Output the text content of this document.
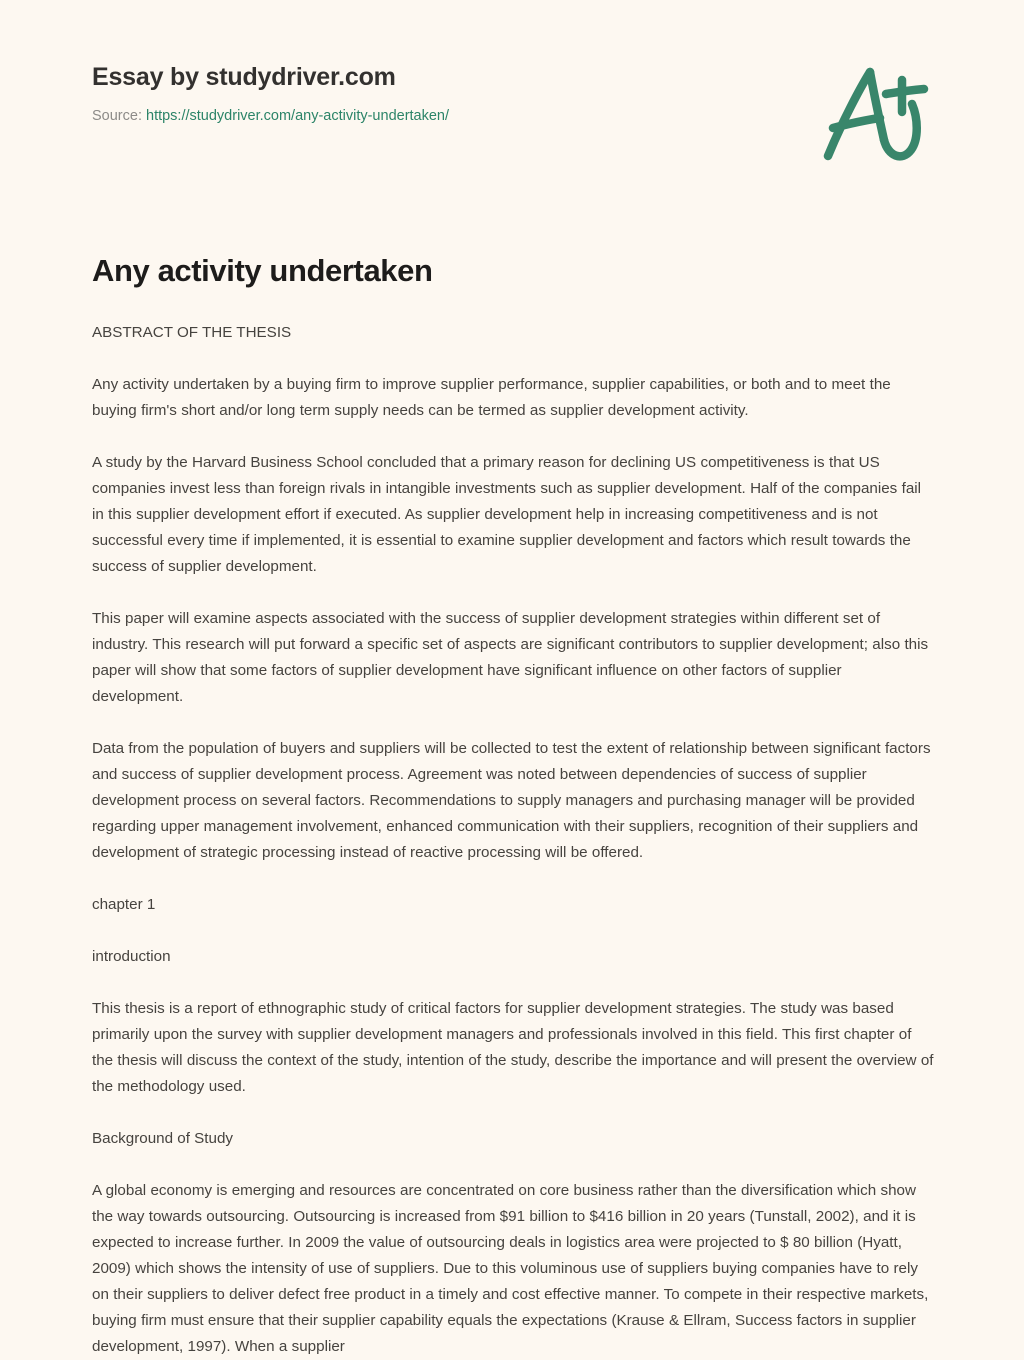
Essay by studydriver.com
Source: https://studydriver.com/any-activity-undertaken/
Any activity undertaken

ABSTRACT OF THE THESIS

Any activity undertaken by a buying firm to improve supplier performance, supplier capabilities, or both and to meet the buying firm's short and/or long term supply needs can be termed as supplier development activity.

A study by the Harvard Business School concluded that a primary reason for declining US competitiveness is that US companies invest less than foreign rivals in intangible investments such as supplier development. Half of the companies fail in this supplier development effort if executed. As supplier development help in increasing competitiveness and is not successful every time if implemented, it is essential to examine supplier development and factors which result towards the success of supplier development.

This paper will examine aspects associated with the success of supplier development strategies within different set of industry. This research will put forward a specific set of aspects are significant contributors to supplier development; also this paper will show that some factors of supplier development have significant influence on other factors of supplier development.

Data from the population of buyers and suppliers will be collected to test the extent of relationship between significant factors and success of supplier development process. Agreement was noted between dependencies of success of supplier development process on several factors. Recommendations to supply managers and purchasing manager will be provided regarding upper management involvement, enhanced communication with their suppliers, recognition of their suppliers and development of strategic processing instead of reactive processing will be offered.

chapter 1

introduction

This thesis is a report of ethnographic study of critical factors for supplier development strategies. The study was based primarily upon the survey with supplier development managers and professionals involved in this field. This first chapter of the thesis will discuss the context of the study, intention of the study, describe the importance and will present the overview of the methodology used.

Background of Study

A global economy is emerging and resources are concentrated on core business rather than the diversification which show the way towards outsourcing. Outsourcing is increased from $91 billion to $416 billion in 20 years (Tunstall, 2002), and it is expected to increase further. In 2009 the value of outsourcing deals in logistics area were projected to $ 80 billion (Hyatt, 2009) which shows the intensity of use of suppliers. Due to this voluminous use of suppliers buying companies have to rely on their suppliers to deliver defect free product in a timely and cost effective manner. To compete in their respective markets, buying firm must ensure that their supplier capability equals the expectations (Krause & Ellram, Success factors in supplier development, 1997). When a supplier
